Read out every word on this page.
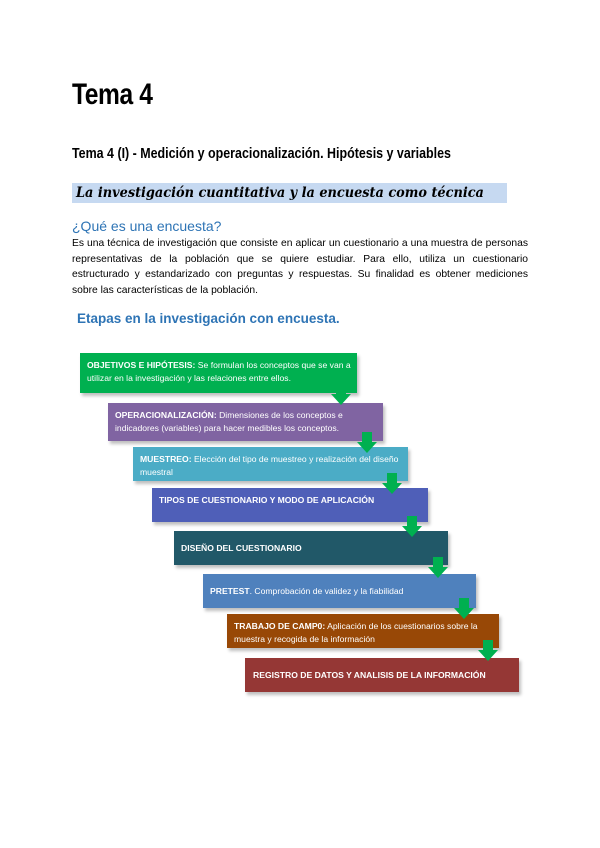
Tema 4
Tema 4 (I) - Medición y operacionalización. Hipótesis y variables
La investigación cuantitativa y la encuesta como técnica
¿Qué es una encuesta?
Es una técnica de investigación que consiste en aplicar un cuestionario a una muestra de personas representativas de la población que se quiere estudiar. Para ello, utiliza un cuestionario estructurado y estandarizado con preguntas y respuestas. Su finalidad es obtener mediciones sobre las características de la población.
Etapas en la investigación con encuesta.
OBJETIVOS E HIPÓTESIS: Se formulan los conceptos que se van a utilizar en la investigación y las relaciones entre ellos.
OPERACIONALIZACIÓN: Dimensiones de los conceptos e indicadores (variables) para hacer medibles los conceptos.
MUESTREO: Elección del tipo de muestreo y realización del diseño muestral
TIPOS DE CUESTIONARIO Y MODO DE APLICACIÓN
DISEÑO DEL CUESTIONARIO
PRETEST . Comprobación de validez y la fiabilidad
TRABAJO DE CAMP0: Aplicación de los cuestionarios sobre la muestra y recogida de la información
REGISTRO DE DATOS Y ANALISIS DE LA INFORMACIÓN
